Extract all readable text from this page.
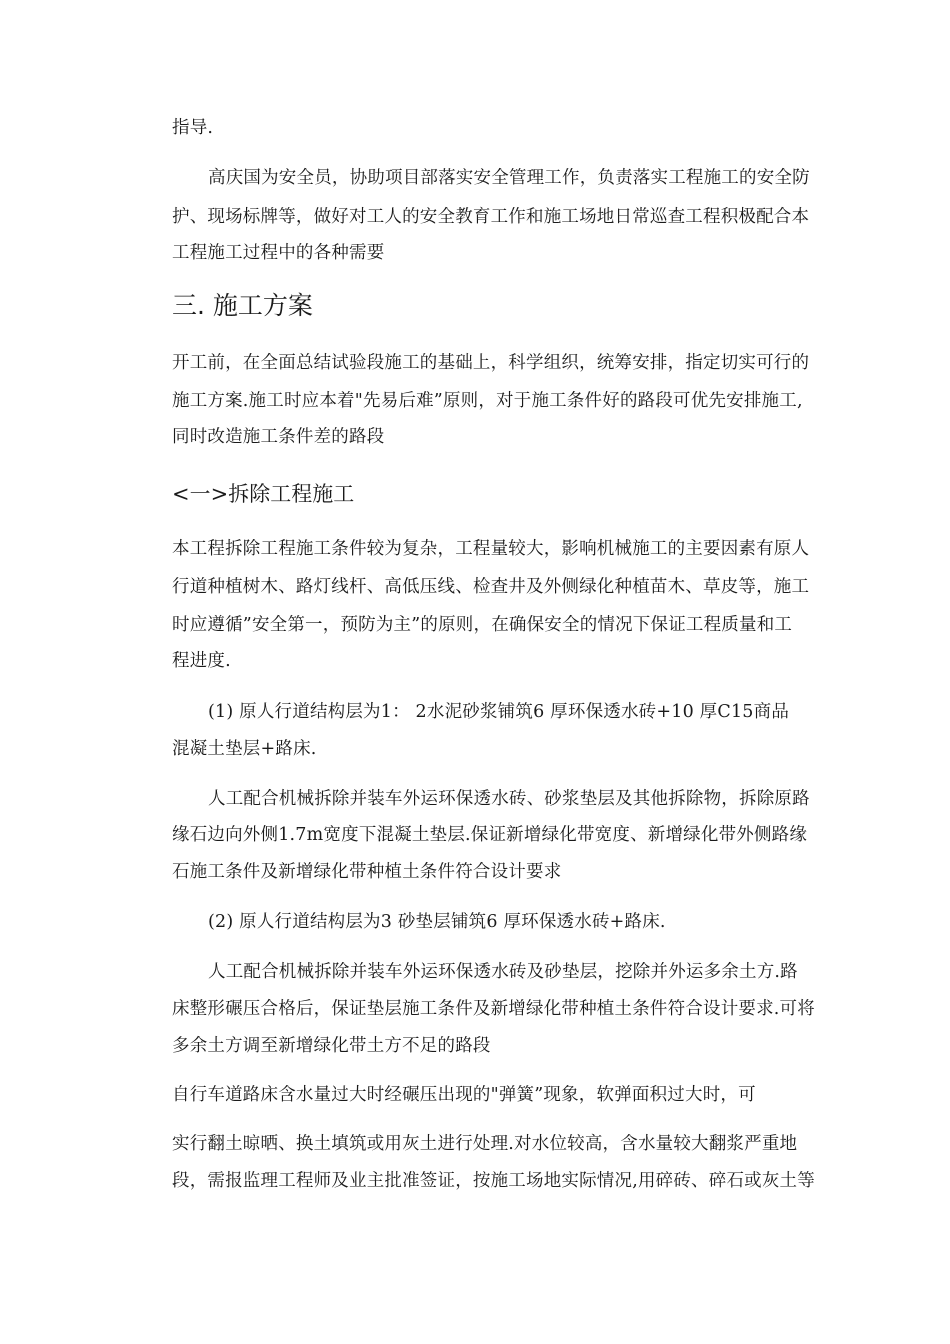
指导.
高庆国为安全员，协助项目部落实安全管理工作，负责落实工程施工的安全防
护、现场标牌等，做好对工人的安全教育工作和施工场地日常巡查工程积极配合本
工程施工过程中的各种需要
三. 施工方案
开工前，在全面总结试验段施工的基础上，科学组织，统筹安排，指定切实可行的
施工方案.施工时应本着"先易后难”原则，对于施工条件好的路段可优先安排施工,
同时改造施工条件差的路段
<一>拆除工程施工
本工程拆除工程施工条件较为复杂，工程量较大，影响机械施工的主要因素有原人
行道种植树木、路灯线杆、高低压线、检查井及外侧绿化种植苗木、草皮等，施工
时应遵循”安全第一，预防为主”的原则，在确保安全的情况下保证工程质量和工
程进度.
(1) 原人行道结构层为1： 2水泥砂浆铺筑6 厚环保透水砖+10 厚C15商品
混凝土垫层+路床.
人工配合机械拆除并装车外运环保透水砖、砂浆垫层及其他拆除物，拆除原路
缘石边向外侧1.7m宽度下混凝土垫层.保证新增绿化带宽度、新增绿化带外侧路缘
石施工条件及新增绿化带种植土条件符合设计要求
(2) 原人行道结构层为3 砂垫层铺筑6 厚环保透水砖+路床.
人工配合机械拆除并装车外运环保透水砖及砂垫层，挖除并外运多余土方.路
床整形碾压合格后，保证垫层施工条件及新增绿化带种植土条件符合设计要求.可将
多余土方调至新增绿化带土方不足的路段
自行车道路床含水量过大时经碾压出现的"弹簧”现象，软弹面积过大时，可
实行翻土晾晒、换土填筑或用灰土进行处理.对水位较高，含水量较大翻浆严重地
段，需报监理工程师及业主批准签证，按施工场地实际情况,用碎砖、碎石或灰土等
